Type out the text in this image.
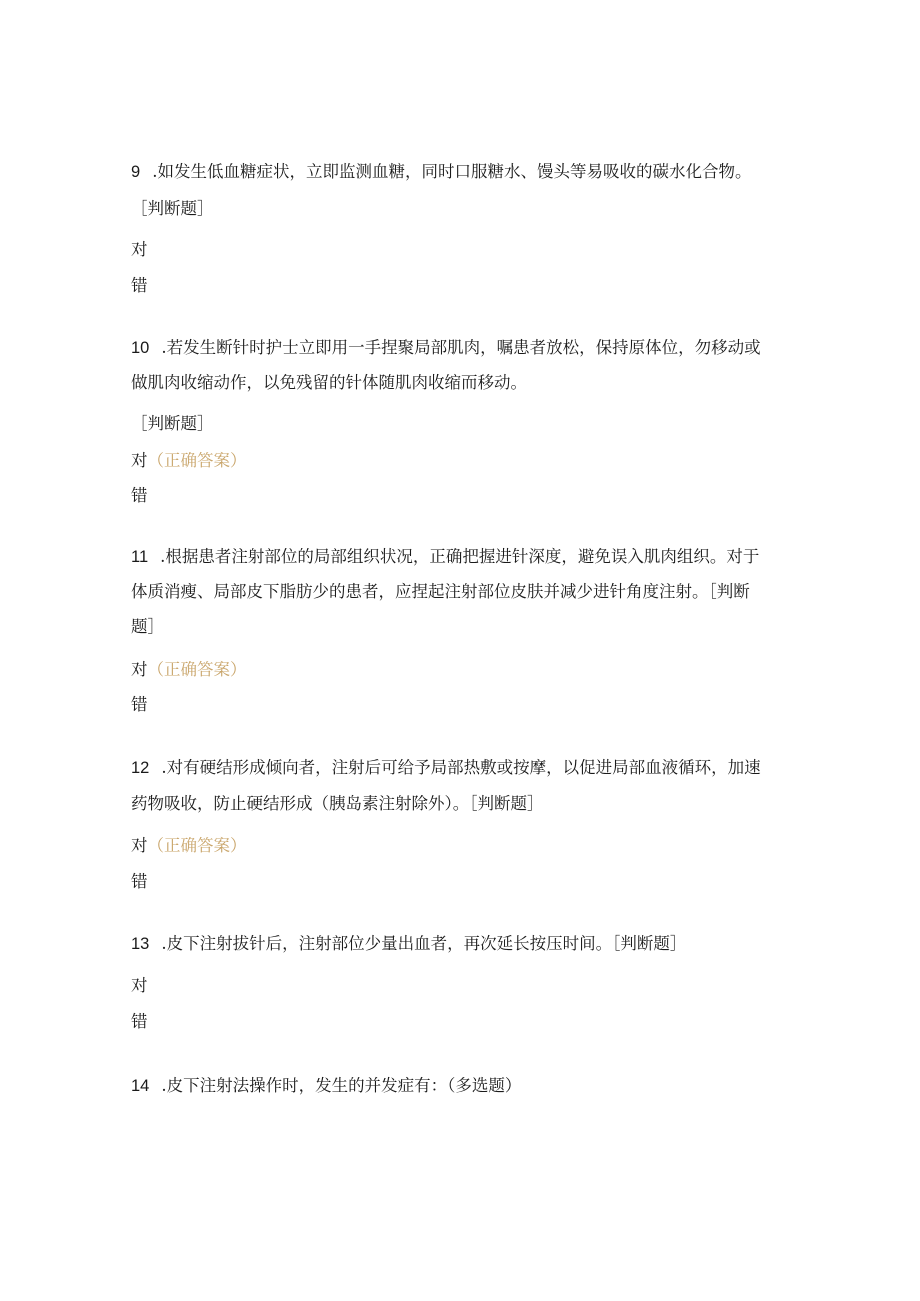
9 .如发生低血糖症状，立即监测血糖，同时口服糖水、馒头等易吸收的碳水化合物。
［判断题］
对
错
10 .若发生断针时护士立即用一手捏聚局部肌肉，嘱患者放松，保持原体位，勿移动或
做肌肉收缩动作，以免残留的针体随肌肉收缩而移动。
［判断题］
对（正确答案）
错
11 .根据患者注射部位的局部组织状况，正确把握进针深度，避免误入肌肉组织。对于
体质消瘦、局部皮下脂肪少的患者，应捏起注射部位皮肤并减少进针角度注射。［判断
题］
对（正确答案）
错
12 .对有硬结形成倾向者，注射后可给予局部热敷或按摩，以促进局部血液循环，加速
药物吸收，防止硬结形成（胰岛素注射除外）。［判断题］
对（正确答案）
错
13 .皮下注射拔针后，注射部位少量出血者，再次延长按压时间。［判断题］
对
错
14 .皮下注射法操作时，发生的并发症有：（多选题）
